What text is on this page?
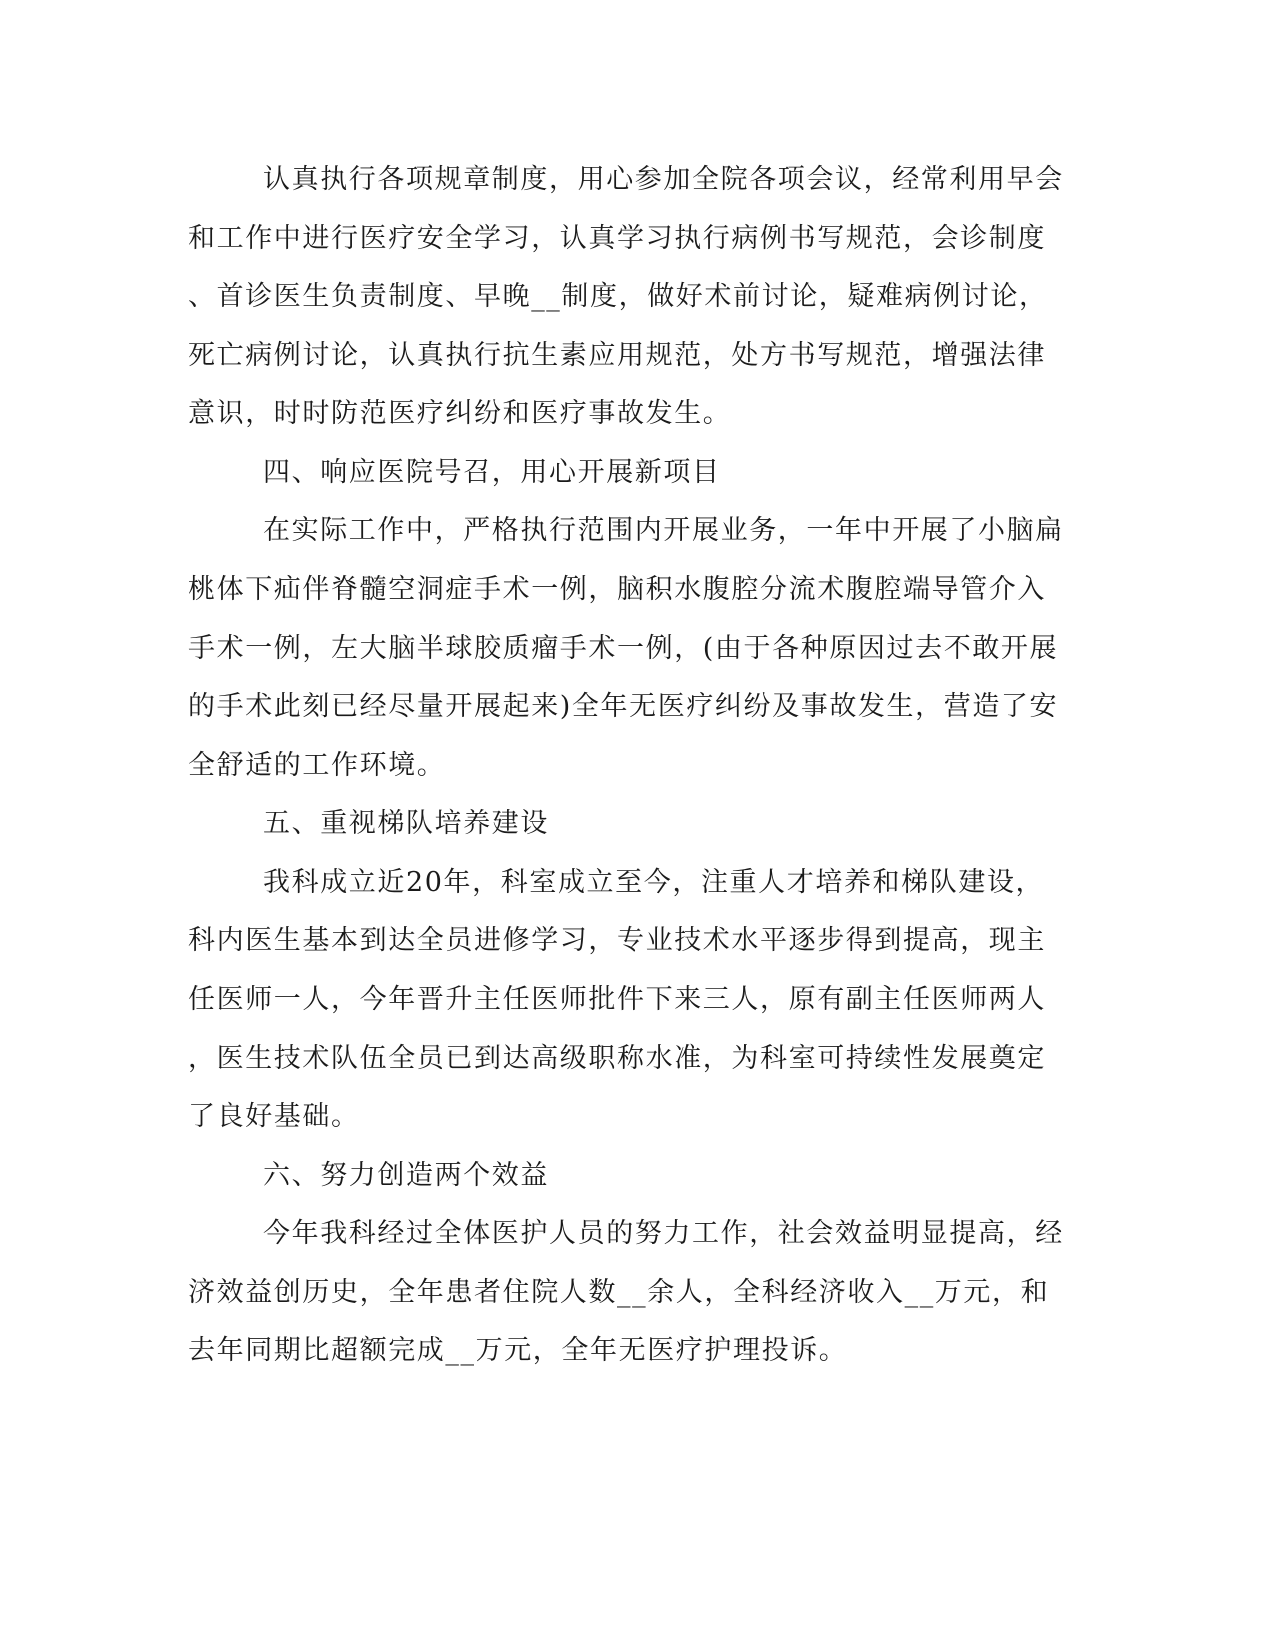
认真执行各项规章制度，用心参加全院各项会议，经常利用早会
和工作中进行医疗安全学习，认真学习执行病例书写规范，会诊制度
、首诊医生负责制度、早晚__制度，做好术前讨论，疑难病例讨论，
死亡病例讨论，认真执行抗生素应用规范，处方书写规范，增强法律
意识，时时防范医疗纠纷和医疗事故发生。
四、响应医院号召，用心开展新项目
在实际工作中，严格执行范围内开展业务，一年中开展了小脑扁
桃体下疝伴脊髓空洞症手术一例，脑积水腹腔分流术腹腔端导管介入
手术一例，左大脑半球胶质瘤手术一例，(由于各种原因过去不敢开展
的手术此刻已经尽量开展起来)全年无医疗纠纷及事故发生，营造了安
全舒适的工作环境。
五、重视梯队培养建设
我科成立近20年，科室成立至今，注重人才培养和梯队建设，
科内医生基本到达全员进修学习，专业技术水平逐步得到提高，现主
任医师一人，今年晋升主任医师批件下来三人，原有副主任医师两人
，医生技术队伍全员已到达高级职称水准，为科室可持续性发展奠定
了良好基础。
六、努力创造两个效益
今年我科经过全体医护人员的努力工作，社会效益明显提高，经
济效益创历史，全年患者住院人数__余人，全科经济收入__万元，和
去年同期比超额完成__万元，全年无医疗护理投诉。
